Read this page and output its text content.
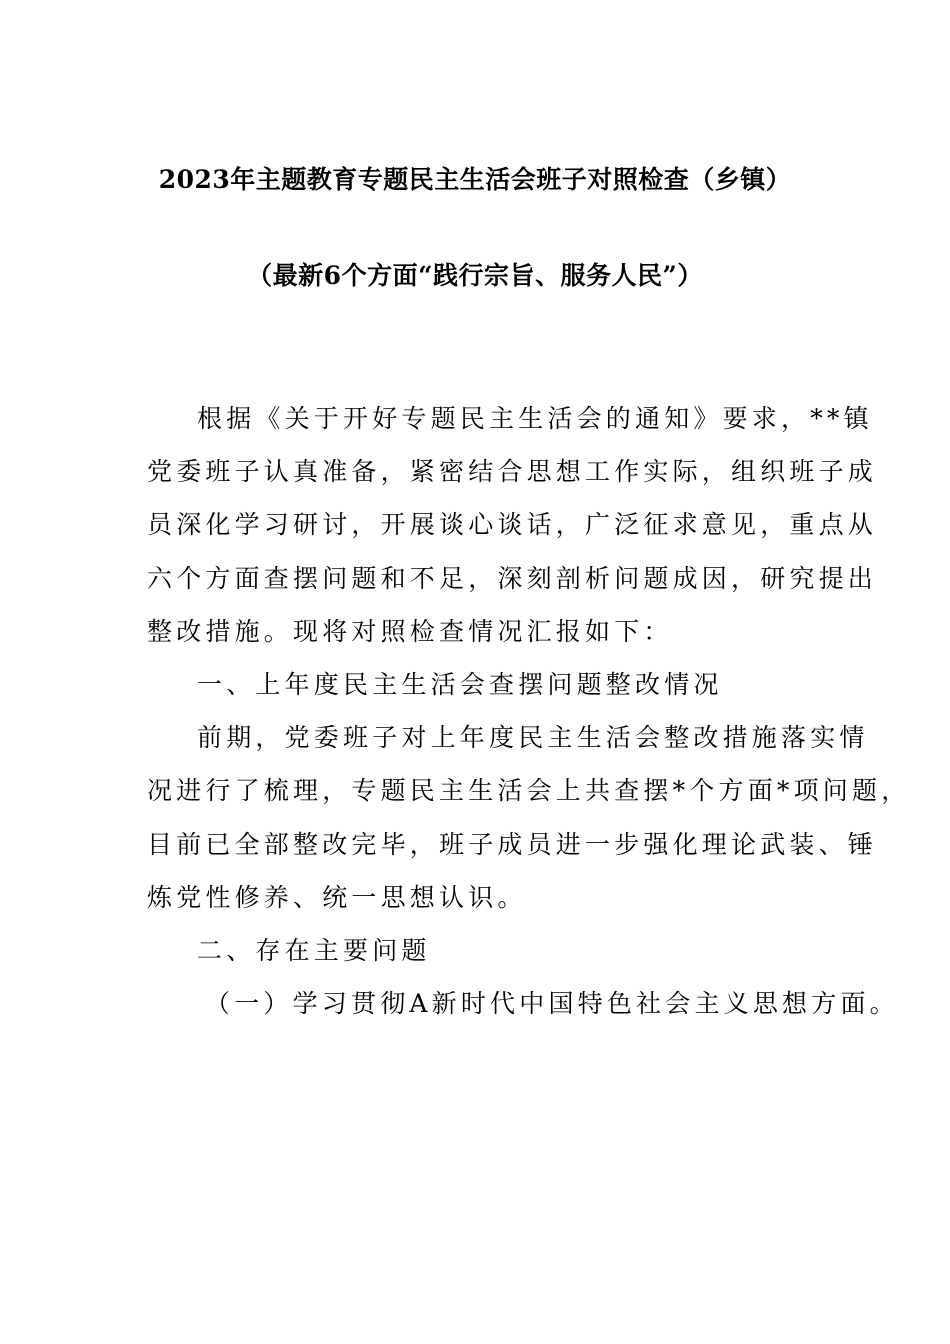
2023年主题教育专题民主生活会班子对照检查（乡镇）
（最新6个方面“践行宗旨、服务人民”）
根据《关于开好专题民主生活会的通知》要求，**镇
党委班子认真准备，紧密结合思想工作实际，组织班子成
员深化学习研讨，开展谈心谈话，广泛征求意见，重点从
六个方面查摆问题和不足，深刻剖析问题成因，研究提出
整改措施。现将对照检查情况汇报如下：
一、上年度民主生活会查摆问题整改情况
前期，党委班子对上年度民主生活会整改措施落实情
况进行了梳理，专题民主生活会上共查摆*个方面*项问题，
目前已全部整改完毕，班子成员进一步强化理论武装、锤
炼党性修养、统一思想认识。
二、存在主要问题
（一）学习贯彻A新时代中国特色社会主义思想方面。
